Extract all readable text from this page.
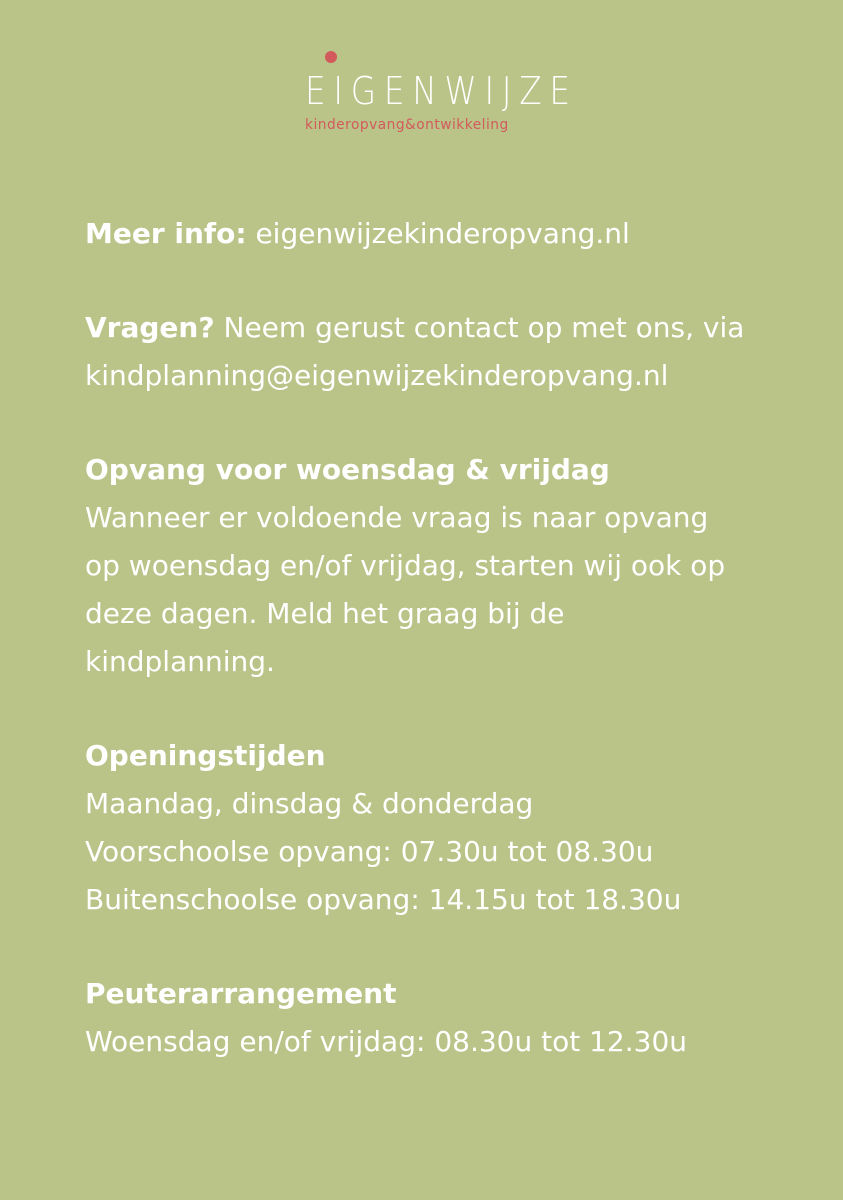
EIGENWIJZE
kinderopvang&ontwikkeling
Meer info: eigenwijzekinderopvang.nl
Vragen? Neem gerust contact op met ons, via
kindplanning@eigenwijzekinderopvang.nl
Opvang voor woensdag & vrijdag
Wanneer er voldoende vraag is naar opvang
op woensdag en/of vrijdag, starten wij ook op
deze dagen. Meld het graag bij de
kindplanning.
Openingstijden
Maandag, dinsdag & donderdag
Voorschoolse opvang: 07.30u tot 08.30u
Buitenschoolse opvang: 14.15u tot 18.30u
Peuterarrangement
Woensdag en/of vrijdag: 08.30u tot 12.30u
